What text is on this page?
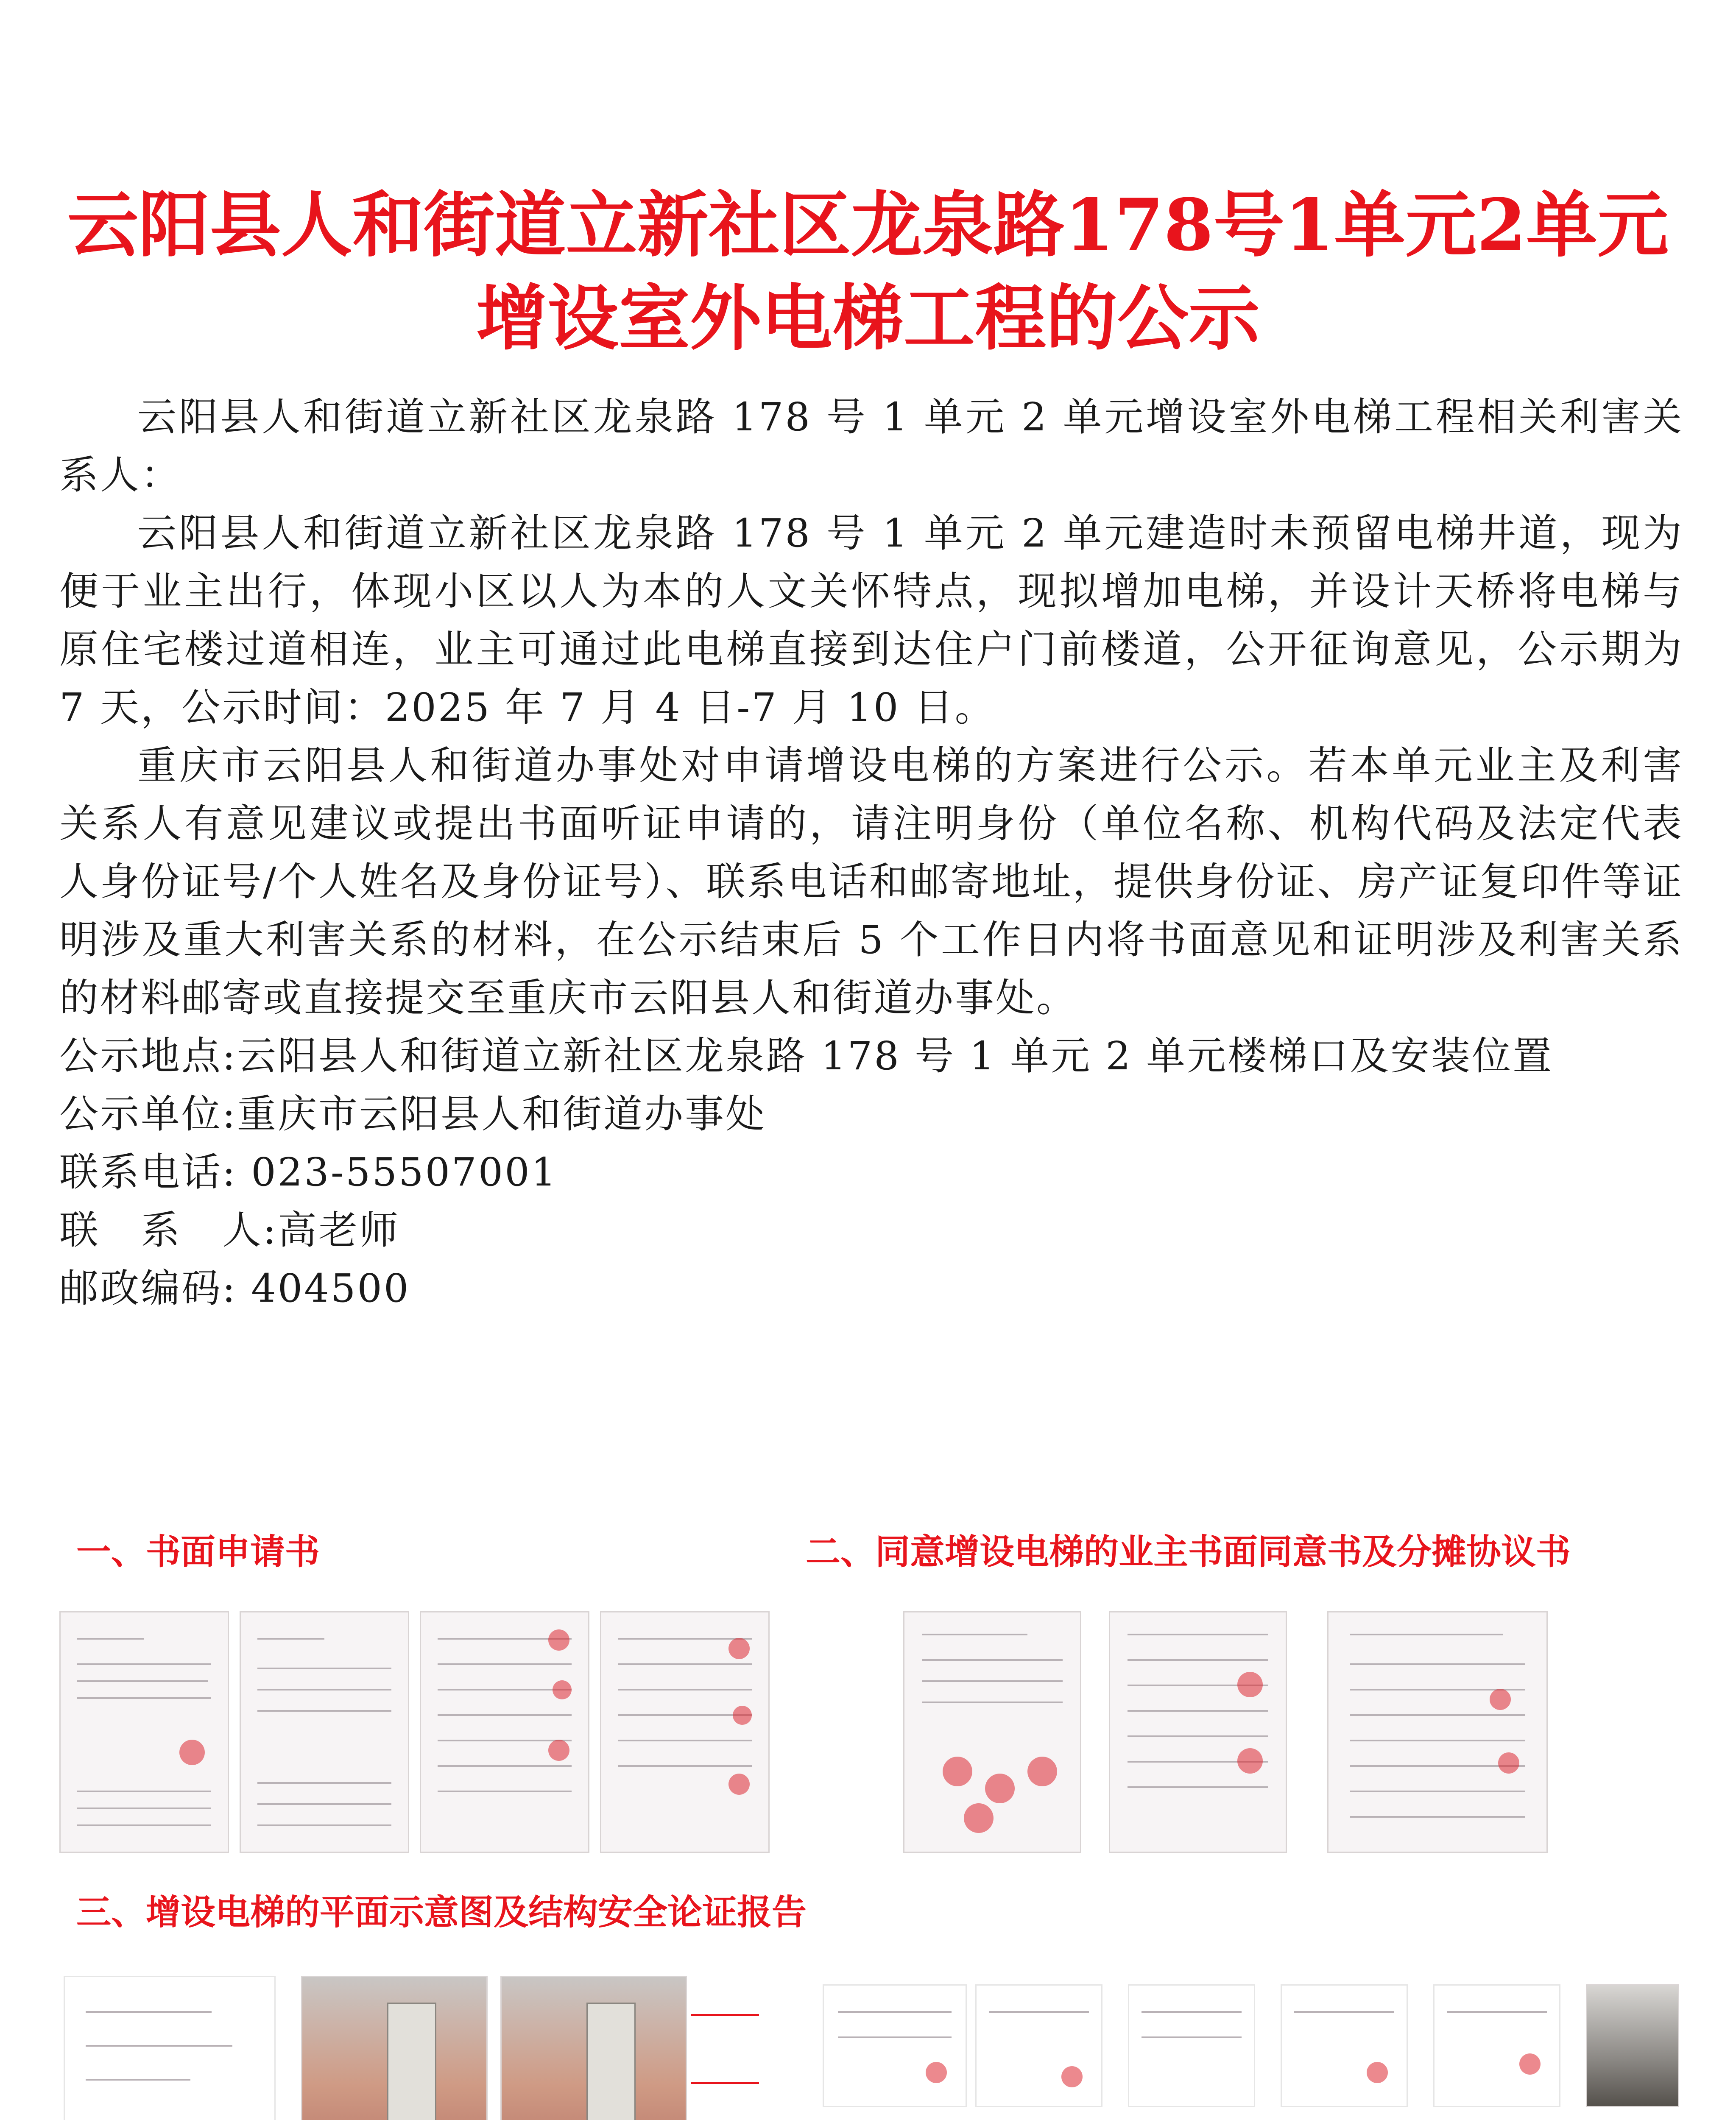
云阳县人和街道立新社区龙泉路178号1单元2单元
增设室外电梯工程的公示

云阳县人和街道立新社区龙泉路 178 号 1 单元 2 单元增设室外电梯工程相关利害关系人：

云阳县人和街道立新社区龙泉路 178 号 1 单元 2 单元建造时未预留电梯井道，现为便于业主出行，体现小区以人为本的人文关怀特点，现拟增加电梯，并设计天桥将电梯与原住宅楼过道相连，业主可通过此电梯直接到达住户门前楼道，公开征询意见，公示期为 7 天，公示时间：2025 年 7 月 4 日-7 月 10 日。

重庆市云阳县人和街道办事处对申请增设电梯的方案进行公示。若本单元业主及利害关系人有意见建议或提出书面听证申请的，请注明身份（单位名称、机构代码及法定代表人身份证号/个人姓名及身份证号）、联系电话和邮寄地址，提供身份证、房产证复印件等证明涉及重大利害关系的材料，在公示结束后 5 个工作日内将书面意见和证明涉及利害关系的材料邮寄或直接提交至重庆市云阳县人和街道办事处。

公示地点:云阳县人和街道立新社区龙泉路 178 号 1 单元 2 单元楼梯口及安装位置

公示单位:重庆市云阳县人和街道办事处

联系电话: 023-55507001

联　系　人:高老师

邮政编码: 404500

一、书面申请书	二、同意增设电梯的业主书面同意书及分摊协议书
三、增设电梯的平面示意图及结构安全论证报告
